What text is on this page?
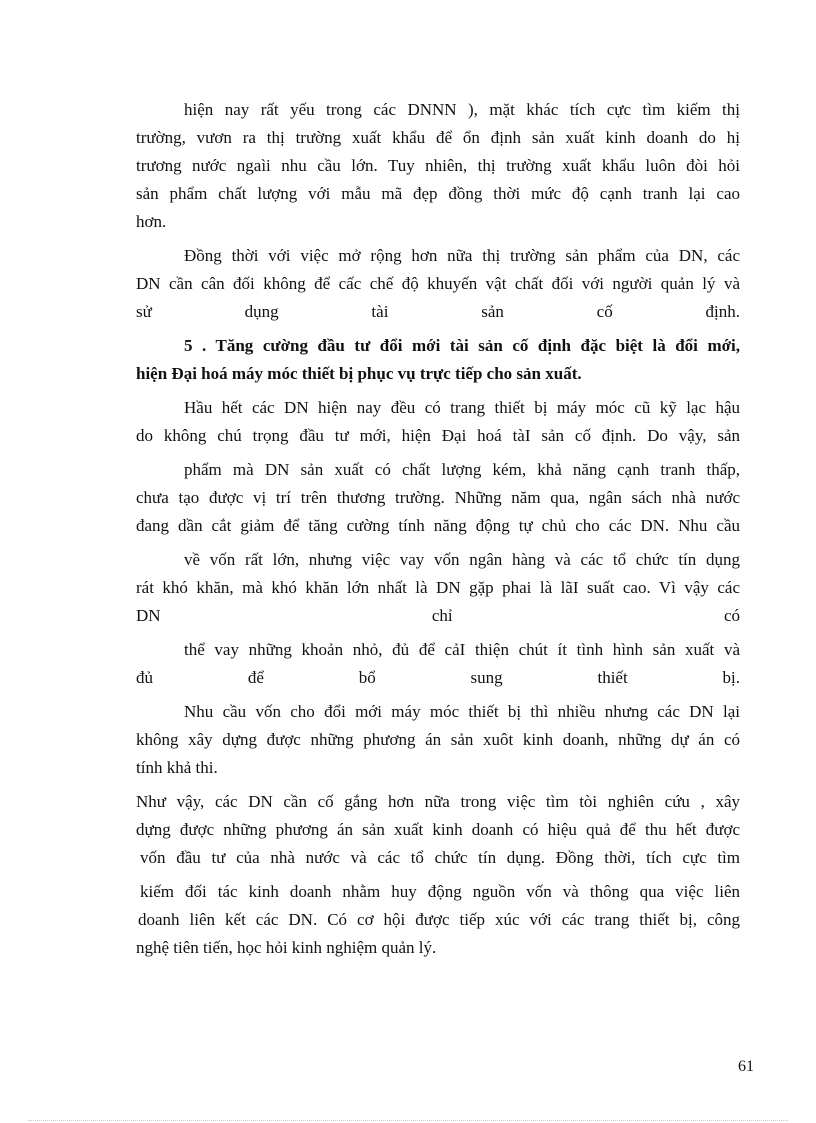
hiện nay rất yếu trong các DNNN ), mặt khác tích cực tìm kiếm thị
trường, vươn ra thị trường xuất khẩu để ổn định sản xuất kinh doanh do hị
trương nước ngaìi nhu cầu lớn. Tuy nhiên, thị trường xuất khẩu luôn đòi hỏi
sản phẩm chất lượng với mẫu mã đẹp đồng thời mức độ cạnh tranh lại cao
hơn.
Đồng thời với việc mở rộng hơn nữa thị trường sản phẩm của DN, các
DN cần cân đối không để cấc chế độ khuyến vật chất đối với người quản lý và
sử dụng tài sản cố định.
5 . Tăng cường đầu tư đổi mới tài sản cố định đặc biệt là đổi mới,
hiện Đại hoá máy móc thiết bị phục vụ trực tiếp cho sản xuất.
Hầu hết các DN hiện nay đều có trang thiết bị máy móc cũ kỹ lạc hậu
do không chú trọng đầu tư mới, hiện Đại hoá tàI sản cố định. Do vậy, sản
phẩm mà DN sản xuất có chất lượng kém, khả năng cạnh tranh thấp,
chưa tạo được vị trí trên thương trường. Những năm qua, ngân sách nhà nước
đang dần cắt giảm để tăng cường tính năng động tự chủ cho các DN. Nhu cầu
về vốn rất lớn, nhưng việc vay vốn ngân hàng và các tổ chức tín dụng
rát khó khăn, mà khó khăn lớn nhất là DN gặp phai là lãI suất cao. Vì vậy các
DN chỉ có
thể vay những khoản nhỏ, đủ để cảI thiện chút ít tình hình sản xuất và
đủ để bổ sung thiết bị.
Nhu cầu vốn cho đổi mới máy móc thiết bị thì nhiều nhưng các DN lại
không xây dựng được những phương án sản xuôt kinh doanh, những dự án có
tính khả thi.
Như vậy, các DN cần cố gắng hơn nữa trong việc tìm tòi nghiên cứu , xây
dựng được những phương án sản xuất kinh doanh có hiệu quả để thu hết được
vốn đầu tư của nhà nước và các tổ chức tín dụng. Đồng thời, tích cực tìm
kiếm đối tác kinh doanh nhằm huy động nguồn vốn và thông qua việc liên
doanh liên kết các DN. Có cơ hội được tiếp xúc với các trang thiết bị, công
nghệ tiên tiến, học hỏi kinh nghiệm quản lý.
61
